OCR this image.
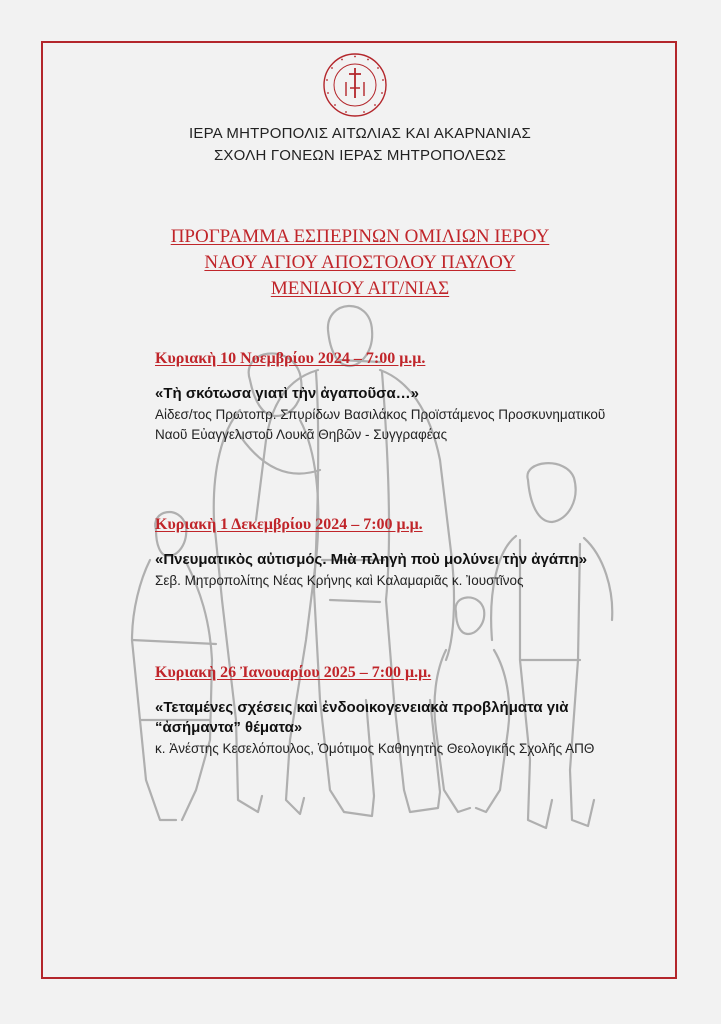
ΙΕΡΑ ΜΗΤΡΟΠΟΛΙΣ ΑΙΤΩΛΙΑΣ ΚΑΙ ΑΚΑΡΝΑΝΙΑΣ
ΣΧΟΛΗ ΓΟΝΕΩΝ ΙΕΡΑΣ ΜΗΤΡΟΠΟΛΕΩΣ
ΠΡΟΓΡΑΜΜΑ ΕΣΠΕΡΙΝΩΝ ΟΜΙΛΙΩΝ ΙΕΡΟΥ
ΝΑΟΥ ΑΓΙΟΥ ΑΠΟΣΤΟΛΟΥ ΠΑΥΛΟΥ
ΜΕΝΙΔΙΟΥ ΑΙΤ/ΝΙΑΣ
Κυριακὴ 10 Νοεμβρίου 2024 – 7:00 μ.μ.
«Τὴ σκότωσα γιατὶ τὴν ἀγαποῦσα…»
Αἰδεσ/τος Πρωτοπρ. Σπυρίδων Βασιλάκος Προϊστάμενος Προσκυνηματικοῦ Ναοῦ Εὐαγγελιστοῦ Λουκᾶ Θηβῶν - Συγγραφέας
Κυριακὴ 1 Δεκεμβρίου 2024 – 7:00 μ.μ.
«Πνευματικὸς αὐτισμός. Μιὰ πληγὴ ποὺ μολύνει τὴν ἀγάπη»
Σεβ. Μητροπολίτης Νέας Κρήνης καὶ Καλαμαριᾶς κ. Ἰουστῖνος
Κυριακὴ 26 Ἰανουαρίου 2025 – 7:00 μ.μ.
«Τεταμένες σχέσεις καὶ ἐνδοοικογενειακὰ προβλήματα γιὰ “ἀσήμαντα” θέματα»
κ. Ἀνέστης Κεσελόπουλος, Ὁμότιμος Καθηγητὴς Θεολογικῆς Σχολῆς ΑΠΘ
